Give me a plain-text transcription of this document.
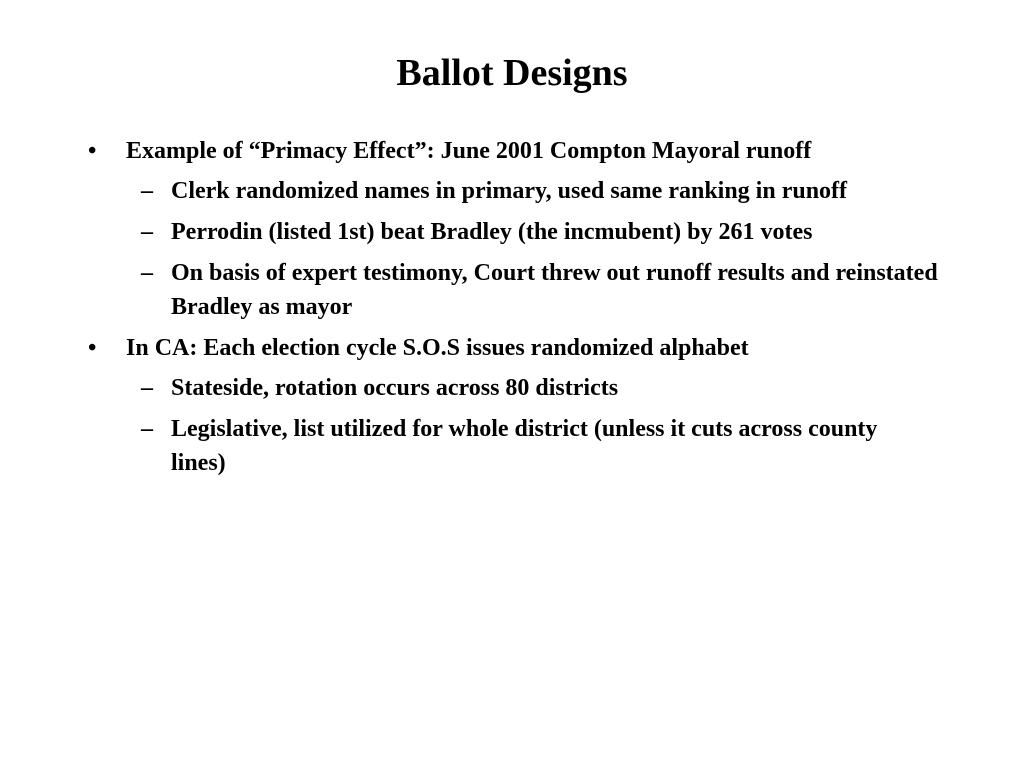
Ballot Designs
•	Example of “Primacy Effect”: June 2001 Compton Mayoral runoff
– Clerk randomized names in primary, used same ranking in runoff
– Perrodin (listed 1st) beat Bradley (the incmubent) by 261 votes
– On basis of expert testimony, Court threw out runoff results and reinstated Bradley as mayor
•	In CA: Each election cycle S.O.S issues randomized alphabet
– Stateside, rotation occurs across 80 districts
– Legislative, list utilized for whole district (unless it cuts across county lines)
